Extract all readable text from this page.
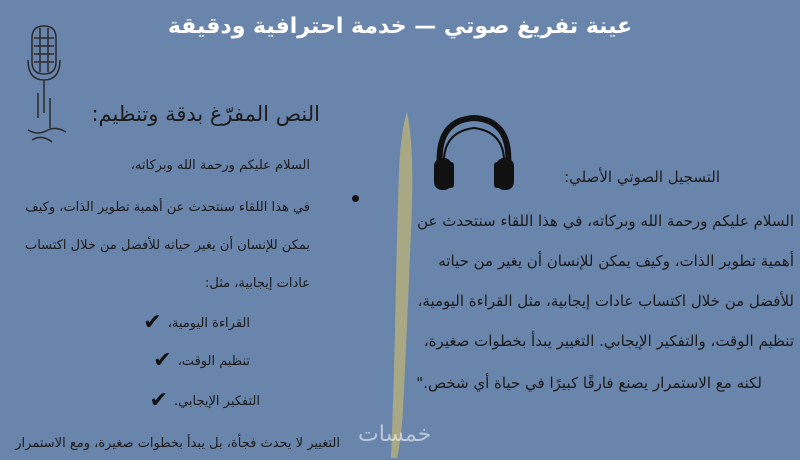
عينة تفريغ صوتي — خدمة احترافية ودقيقة
النص المفرّغ بدقة وتنظيم:
السلام عليكم ورحمة الله وبركاته،
في هذا اللقاء سنتحدث عن أهمية تطوير الذات، وكيف
يمكن للإنسان أن يغير حياته للأفضل من خلال اكتساب
عادات إيجابية، مثل:
القراءة اليومية،
✔
تنظيم الوقت،
✔
التفكير الإيجابي.
✔
التغيير لا يحدث فجأة، بل يبدأ بخطوات صغيرة، ومع الاستمرار
التسجيل الصوتي الأصلي:
السلام عليكم ورحمة الله وبركاته، في هذا اللقاء سنتحدث عن
أهمية تطوير الذات، وكيف يمكن للإنسان أن يغير من حياته
للأفضل من خلال اكتساب عادات إيجابية، مثل القراءة اليومية،
تنظيم الوقت، والتفكير الإيجابي. التغيير يبدأ بخطوات صغيرة،
لكنه مع الاستمرار يصنع فارقًا كبيرًا في حياة أي شخص."
خمسات
